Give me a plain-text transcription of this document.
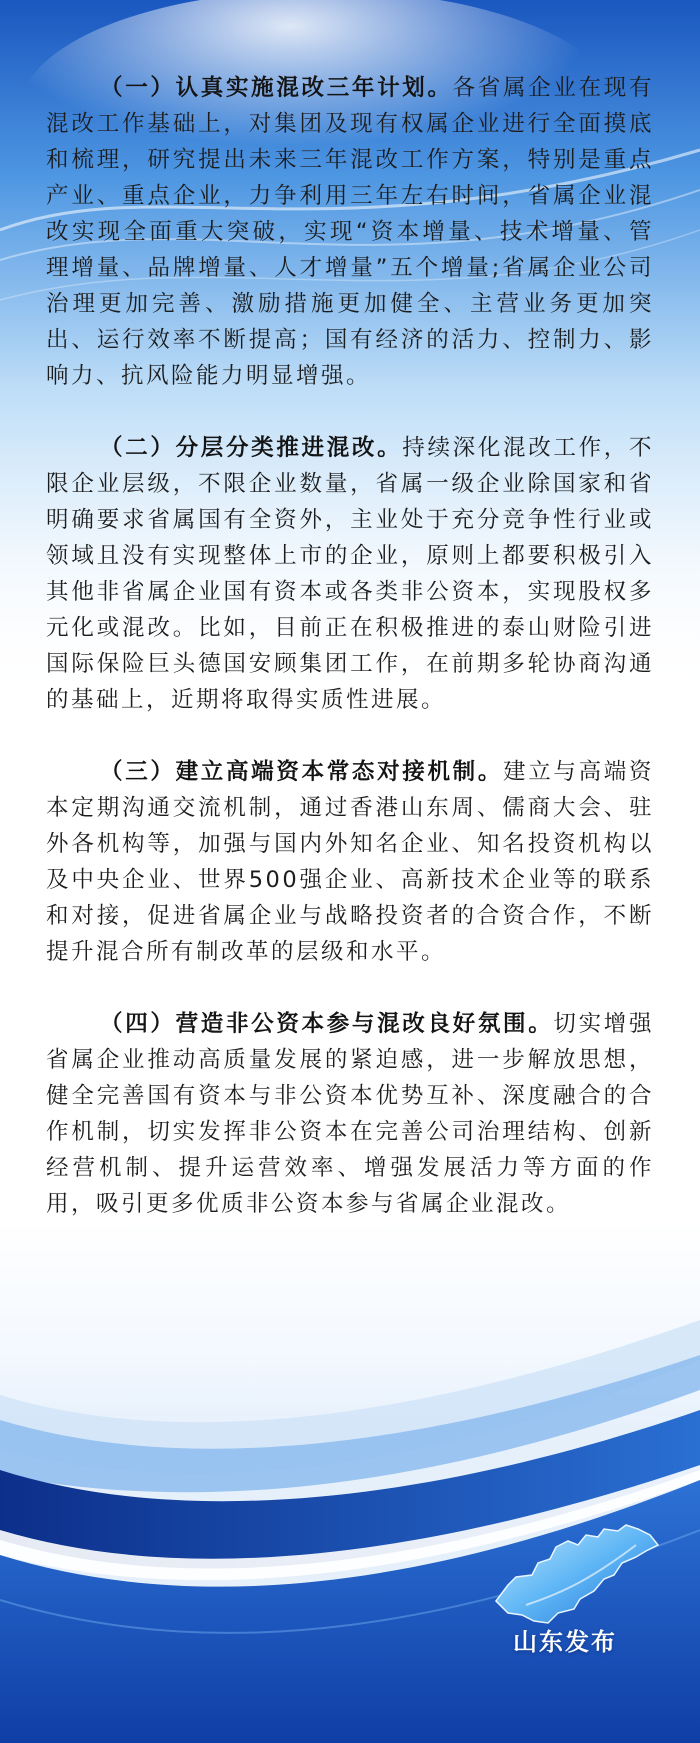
（一）认真实施混改三年计划。各省属企业在现有混改工作基础上，对集团及现有权属企业进行全面摸底和梳理，研究提出未来三年混改工作方案，特别是重点产业、重点企业，力争利用三年左右时间，省属企业混改实现全面重大突破，实现“资本增量、技术增量、管理增量、品牌增量、人才增量”五个增量;省属企业公司治理更加完善、激励措施更加健全、主营业务更加突出、运行效率不断提高；国有经济的活力、控制力、影响力、抗风险能力明显增强。

（二）分层分类推进混改。持续深化混改工作，不限企业层级，不限企业数量，省属一级企业除国家和省明确要求省属国有全资外，主业处于充分竞争性行业或领域且没有实现整体上市的企业，原则上都要积极引入其他非省属企业国有资本或各类非公资本，实现股权多元化或混改。比如，目前正在积极推进的泰山财险引进国际保险巨头德国安顾集团工作，在前期多轮协商沟通的基础上，近期将取得实质性进展。

（三）建立高端资本常态对接机制。建立与高端资本定期沟通交流机制，通过香港山东周、儒商大会、驻外各机构等，加强与国内外知名企业、知名投资机构以及中央企业、世界500强企业、高新技术企业等的联系和对接，促进省属企业与战略投资者的合资合作，不断提升混合所有制改革的层级和水平。

（四）营造非公资本参与混改良好氛围。切实增强省属企业推动高质量发展的紧迫感，进一步解放思想，健全完善国有资本与非公资本优势互补、深度融合的合作机制，切实发挥非公资本在完善公司治理结构、创新经营机制、提升运营效率、增强发展活力等方面的作用，吸引更多优质非公资本参与省属企业混改。

山东发布
